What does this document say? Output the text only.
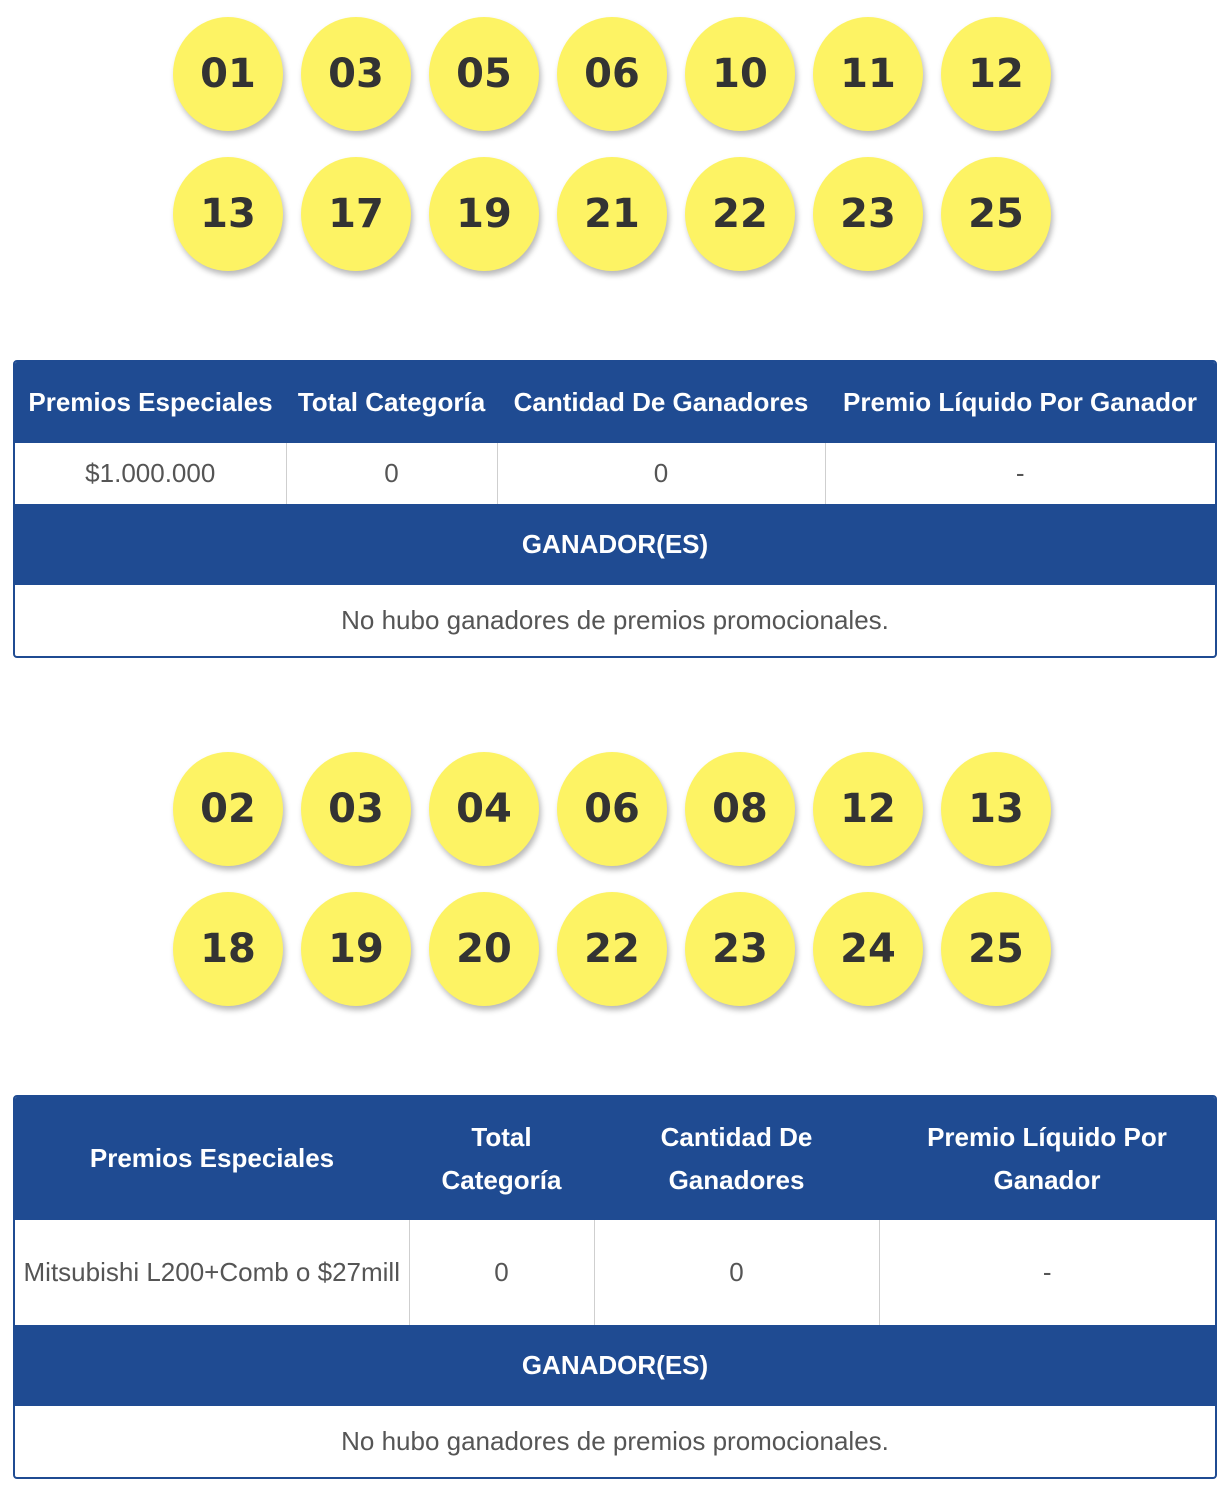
01	03	05	06	10	11	12
13	17	19	21	22	23	25
Premios Especiales	Total Categoría	Cantidad De Ganadores	Premio Líquido Por Ganador
$1.000.000	0	0	-
GANADOR(ES)			
No hubo ganadores de premios promocionales.			
02	03	04	06	08	12	13
18	19	20	22	23	24	25
Premios Especiales	Total Categoría	Cantidad De Ganadores	Premio Líquido Por Ganador
Mitsubishi L200+Comb o $27mill	0	0	-
GANADOR(ES)			
No hubo ganadores de premios promocionales.			
